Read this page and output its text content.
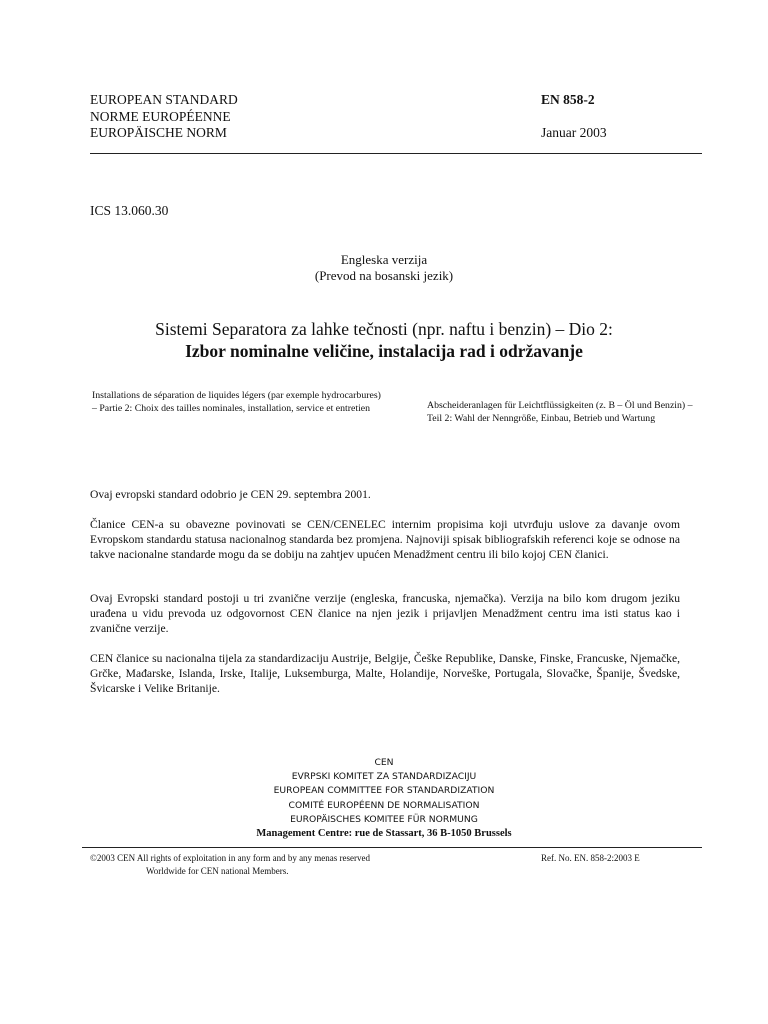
EUROPEAN STANDARD
NORME EUROPÉENNE
EUROPÄISCHE NORM
EN 858-2
Januar 2003
ICS 13.060.30
Engleska verzija
(Prevod na bosanski jezik)
Sistemi Separatora za lahke tečnosti (npr. naftu i benzin) – Dio 2:
Izbor nominalne veličine, instalacija rad i održavanje
Installations de séparation de liquides légers (par exemple hydrocarbures) – Partie 2: Choix des tailles nominales, installation, service et entretien	Abscheideranlagen für Leichtflüssigkeiten (z. B – Öl und Benzin) – Teil 2: Wahl der Nenngröße, Einbau, Betrieb und Wartung
Ovaj evropski standard odobrio je CEN 29. septembra 2001.
Članice CEN-a su obavezne povinovati se CEN/CENELEC internim propisima koji utvrđuju uslove za davanje ovom Evropskom standardu statusa nacionalnog standarda bez promjena. Najnoviji spisak bibliografskih referenci koje se odnose na takve nacionalne standarde mogu da se dobiju na zahtjev upućen Menadžment centru ili bilo kojoj CEN članici.
Ovaj Evropski standard postoji u tri zvanične verzije (engleska, francuska, njemačka). Verzija na bilo kom drugom jeziku urađena u vidu prevoda uz odgovornost CEN članice na njen jezik i prijavljen Menadžment centru ima isti status kao i zvanične verzije.
CEN članice su nacionalna tijela za standardizaciju Austrije, Belgije, Češke Republike, Danske, Finske, Francuske, Njemačke, Grčke, Mađarske, Islanda, Irske, Italije, Luksemburga, Malte, Holandije, Norveške, Portugala, Slovačke, Španije, Švedske, Švicarske i Velike Britanije.
CEN
EVRPSKI KOMITET ZA STANDARDIZACIJU
EUROPEAN COMMITTEE FOR STANDARDIZATION
COMITÉ EUROPÉENN DE NORMALISATION
EUROPÄISCHES KOMITEE FÜR NORMUNG
Management Centre: rue de Stassart, 36 B-1050 Brussels
©2003 CEN All rights of exploitation in any form and by any menas reserved
Worldwide for CEN national Members.
Ref. No. EN. 858-2:2003 E
